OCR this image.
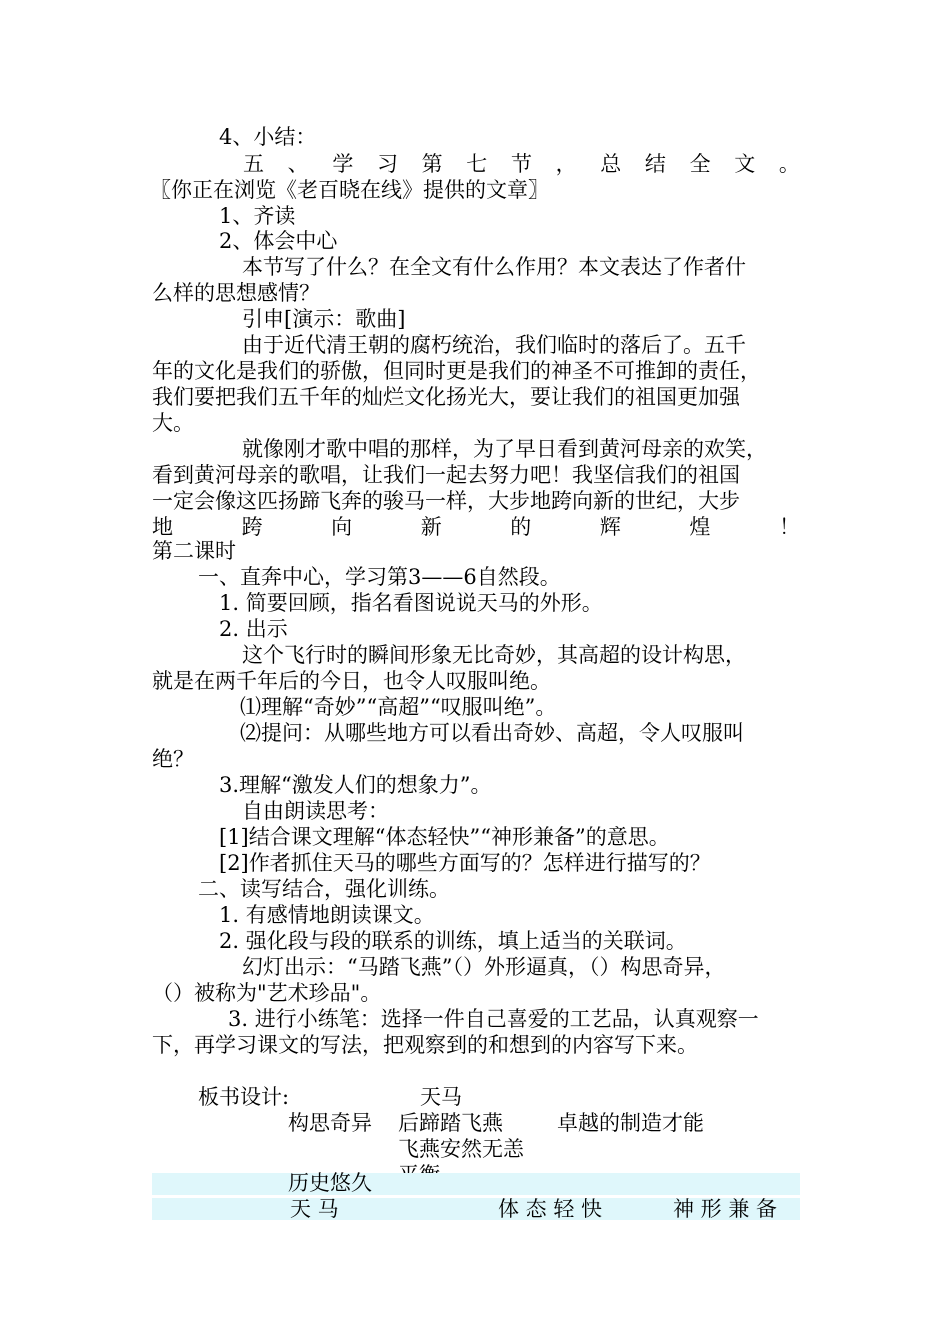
4、小结：
五 、 学 习 第 七 节 ， 总 结 全 文 。
〖你正在浏览《老百晓在线》提供的文章〗
1、齐读
2、体会中心
本节写了什么？在全文有什么作用？本文表达了作者什
么样的思想感情？
引申[演示：歌曲]
由于近代清王朝的腐朽统治，我们临时的落后了。五千
年的文化是我们的骄傲，但同时更是我们的神圣不可推卸的责任，
我们要把我们五千年的灿烂文化扬光大，要让我们的祖国更加强
大。
就像刚才歌中唱的那样，为了早日看到黄河母亲的欢笑，
看到黄河母亲的歌唱，让我们一起去努力吧！我坚信我们的祖国
一定会像这匹扬蹄飞奔的骏马一样，大步地跨向新的世纪，大步
地	跨	向	新	的	辉	煌	！
第二课时
一、直奔中心，学习第3——6自然段。
1. 简要回顾，指名看图说说天马的外形。
2. 出示
这个飞行时的瞬间形象无比奇妙，其高超的设计构思，
就是在两千年后的今日，也令人叹服叫绝。
⑴理解“奇妙”“高超”“叹服叫绝”。
⑵提问：从哪些地方可以看出奇妙、高超，令人叹服叫
绝？
3.理解“激发人们的想象力”。
自由朗读思考：
[1]结合课文理解“体态轻快”“神形兼备”的意思。
[2]作者抓住天马的哪些方面写的？怎样进行描写的？
二、读写结合，强化训练。
1. 有感情地朗读课文。
2. 强化段与段的联系的训练，填上适当的关联词。
幻灯出示：“马踏飞燕”（）外形逼真，（）构思奇异，
（）被称为"艺术珍品"。
3. 进行小练笔：选择一件自己喜爱的工艺品，认真观察一
下，再学习课文的写法，把观察到的和想到的内容写下来。
板书设计:	天马
构思奇异 后蹄踏飞燕	卓越的制造才能
飞燕安然无恙
历史悠久
天 马	体 态 轻 快	神 形 兼 备
